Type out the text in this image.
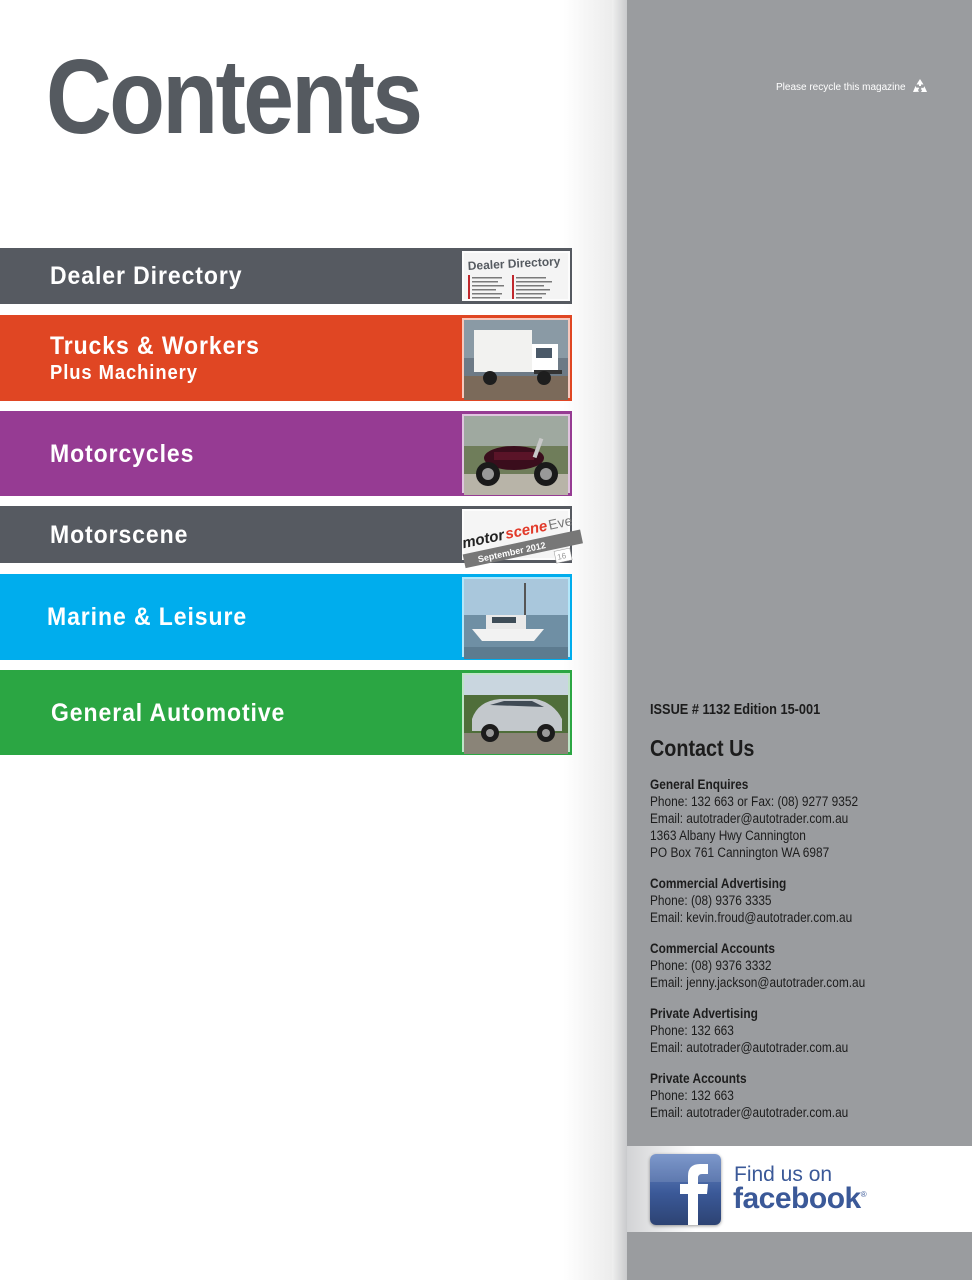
Contents
Dealer Directory	Dealer Directory
Trucks & Workers
Plus Machinery
Motorcycles
Motorscene	motor
scene
Eve
September 2012 16
Marine & Leisure
General Automotive
Please recycle this magazine
ISSUE # 1132 Edition 15-001
Contact Us
General Enquires
Phone: 132 663 or Fax: (08) 9277 9352
Email: autotrader@autotrader.com.au
1363 Albany Hwy Cannington
PO Box 761 Cannington WA 6987
Commercial Advertising
Phone: (08) 9376 3335
Email: kevin.froud@autotrader.com.au
Commercial Accounts
Phone: (08) 9376 3332
Email: jenny.jackson@autotrader.com.au
Private Advertising
Phone: 132 663
Email: autotrader@autotrader.com.au
Private Accounts
Phone: 132 663
Email: autotrader@autotrader.com.au
Find us on
facebook®
